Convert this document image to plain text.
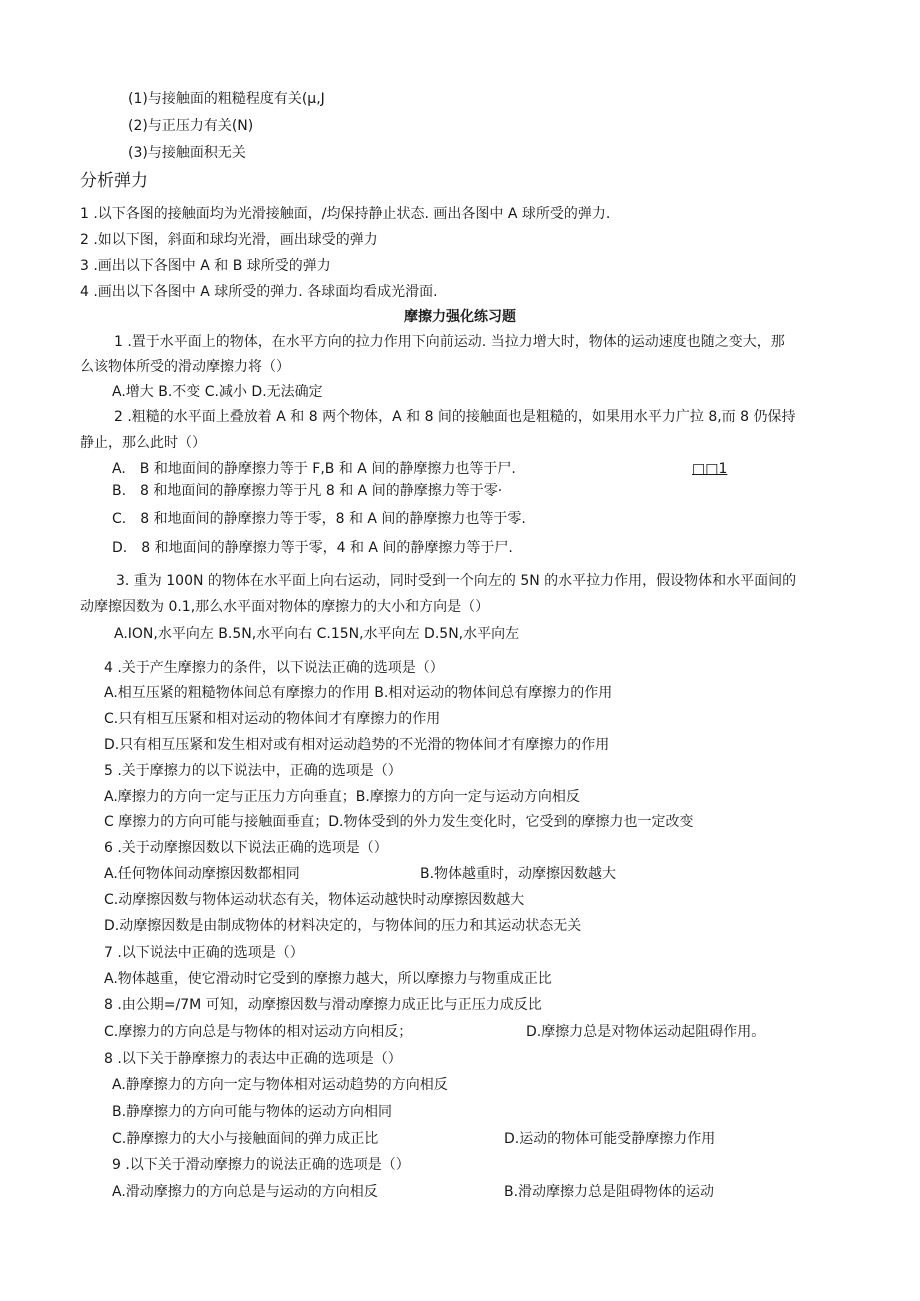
(1)与接触面的粗糙程度有关(μ,J
(2)与正压力有关(N)
(3)与接触面积无关
分析弹力
1 .以下各图的接触面均为光滑接触面，/均保持静止状态. 画出各图中 A 球所受的弹力.
2 .如以下图，斜面和球均光滑，画出球受的弹力
3 .画出以下各图中 A 和 B 球所受的弹力
4 .画出以下各图中 A 球所受的弹力. 各球面均看成光滑面.
摩擦力强化练习题
1 .置于水平面上的物体，在水平方向的拉力作用下向前运动. 当拉力增大时，物体的运动速度也随之变大，那
么该物体所受的滑动摩擦力将（）
A.增大 B.不变 C.减小 D.无法确定
2 .粗糙的水平面上叠放着 A 和 8 两个物体，A 和 8 间的接触面也是粗糙的，如果用水平力广拉 8,而 8 仍保持
静止，那么此时（）
A.　B 和地面间的静摩擦力等于 F,B 和 A 间的静摩擦力也等于尸.	□□1
B.　8 和地面间的静摩擦力等于凡 8 和 A 间的静摩擦力等于零·
C.　8 和地面间的静摩擦力等于零，8 和 A 间的静摩擦力也等于零.
D.　8 和地面间的静摩擦力等于零，4 和 A 间的静摩擦力等于尸.
3. 重为 100N 的物体在水平面上向右运动，同时受到一个向左的 5N 的水平拉力作用，假设物体和水平面间的
动摩擦因数为 0.1,那么水平面对物体的摩擦力的大小和方向是（）
A.ION,水平向左 B.5N,水平向右 C.15N,水平向左 D.5N,水平向左
4 .关于产生摩擦力的条件，以下说法正确的选项是（）
A.相互压紧的粗糙物体间总有摩擦力的作用 B.相对运动的物体间总有摩擦力的作用
C.只有相互压紧和相对运动的物体间才有摩擦力的作用
D.只有相互压紧和发生相对或有相对运动趋势的不光滑的物体间才有摩擦力的作用
5 .关于摩擦力的以下说法中，正确的选项是（）
A.摩擦力的方向一定与正压力方向垂直；B.摩擦力的方向一定与运动方向相反
C 摩擦力的方向可能与接触面垂直；D.物体受到的外力发生变化时，它受到的摩擦力也一定改变
6 .关于动摩擦因数以下说法正确的选项是（）
A.任何物体间动摩擦因数都相同	B.物体越重时，动摩擦因数越大
C.动摩擦因数与物体运动状态有关，物体运动越快时动摩擦因数越大
D.动摩擦因数是由制成物体的材料决定的，与物体间的压力和其运动状态无关
7 .以下说法中正确的选项是（）
A.物体越重，使它滑动时它受到的摩擦力越大，所以摩擦力与物重成正比
8 .由公期=/7M 可知，动摩擦因数与滑动摩擦力成正比与正压力成反比
C.摩擦力的方向总是与物体的相对运动方向相反；	D.摩擦力总是对物体运动起阻碍作用。
8 .以下关于静摩擦力的表达中正确的选项是（）
A.静摩擦力的方向一定与物体相对运动趋势的方向相反
B.静摩擦力的方向可能与物体的运动方向相同
C.静摩擦力的大小与接触面间的弹力成正比	D.运动的物体可能受静摩擦力作用
9 .以下关于滑动摩擦力的说法正确的选项是（）
A.滑动摩擦力的方向总是与运动的方向相反	B.滑动摩擦力总是阻碍物体的运动
